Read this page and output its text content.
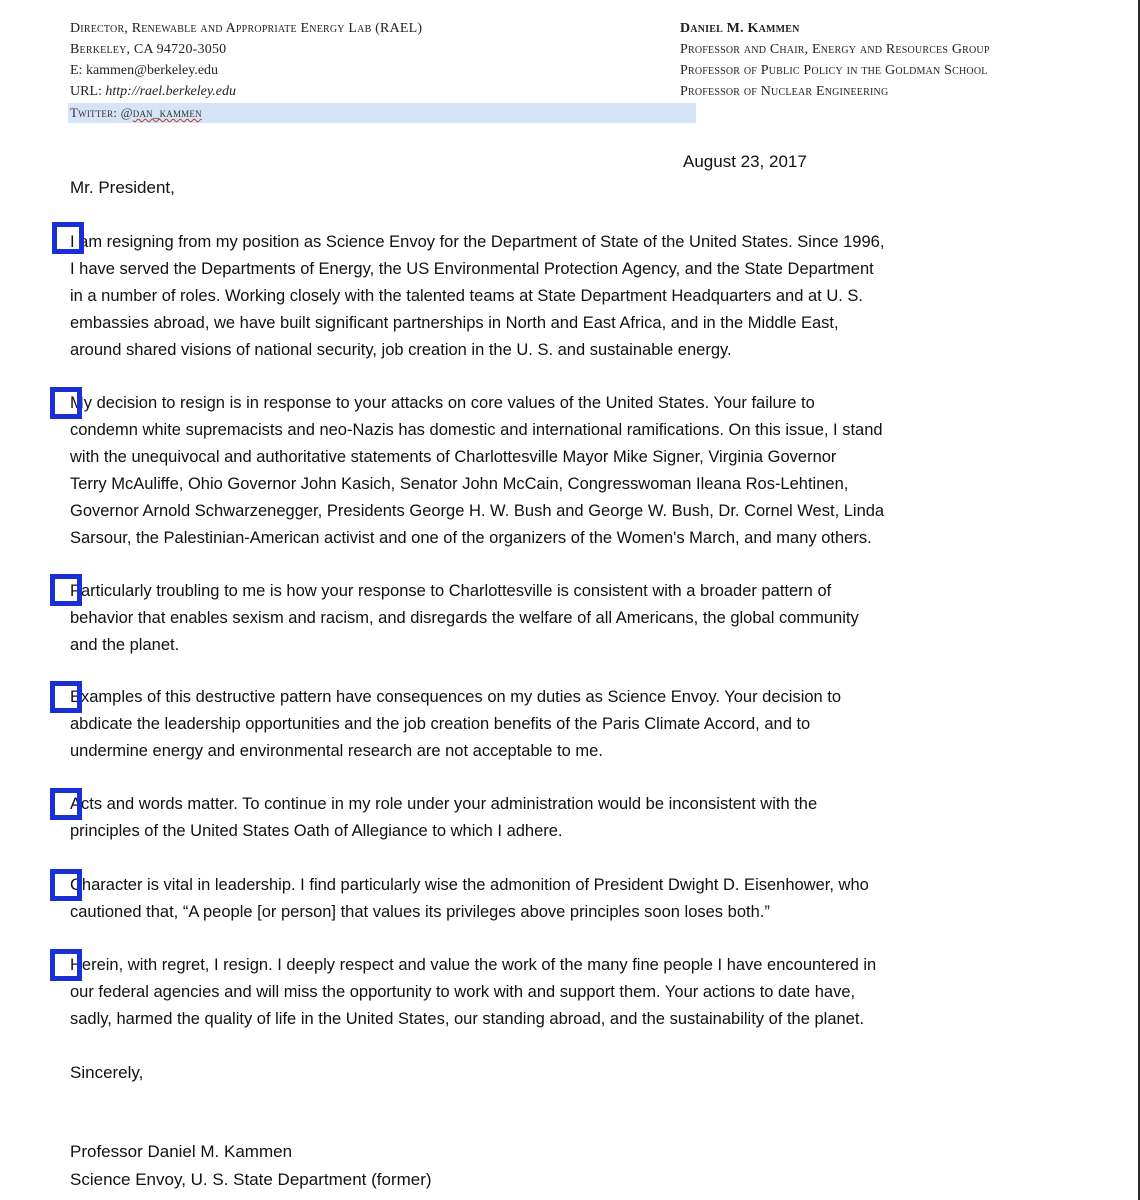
Director, Renewable and Appropriate Energy Lab (RAEL)
Berkeley, CA 94720-3050
E: kammen@berkeley.edu
URL: http://rael.berkeley.edu
Twitter: @dan_kammen
Daniel M. Kammen
Professor and Chair, Energy and Resources Group
Professor of Public Policy in the Goldman School
Professor of Nuclear Engineering
August 23, 2017
Mr. President,
I am resigning from my position as Science Envoy for the Department of State of the United States. Since 1996,
I have served the Departments of Energy, the US Environmental Protection Agency, and the State Department
in a number of roles. Working closely with the talented teams at State Department Headquarters and at U. S.
embassies abroad, we have built significant partnerships in North and East Africa, and in the Middle East,
around shared visions of national security, job creation in the U. S. and sustainable energy.
My decision to resign is in response to your attacks on core values of the United States. Your failure to
condemn white supremacists and neo-Nazis has domestic and international ramifications. On this issue, I stand
with the unequivocal and authoritative statements of Charlottesville Mayor Mike Signer, Virginia Governor
Terry McAuliffe, Ohio Governor John Kasich, Senator John McCain, Congresswoman Ileana Ros-Lehtinen,
Governor Arnold Schwarzenegger, Presidents George H. W. Bush and George W. Bush, Dr. Cornel West, Linda
Sarsour, the Palestinian-American activist and one of the organizers of the Women's March, and many others.
Particularly troubling to me is how your response to Charlottesville is consistent with a broader pattern of
behavior that enables sexism and racism, and disregards the welfare of all Americans, the global community
and the planet.
Examples of this destructive pattern have consequences on my duties as Science Envoy. Your decision to
abdicate the leadership opportunities and the job creation benefits of the Paris Climate Accord, and to
undermine energy and environmental research are not acceptable to me.
Acts and words matter. To continue in my role under your administration would be inconsistent with the
principles of the United States Oath of Allegiance to which I adhere.
Character is vital in leadership. I find particularly wise the admonition of President Dwight D. Eisenhower, who
cautioned that, “A people [or person] that values its privileges above principles soon loses both.”
Herein, with regret, I resign. I deeply respect and value the work of the many fine people I have encountered in
our federal agencies and will miss the opportunity to work with and support them. Your actions to date have,
sadly, harmed the quality of life in the United States, our standing abroad, and the sustainability of the planet.
Sincerely,
Professor Daniel M. Kammen
Science Envoy, U. S. State Department (former)
